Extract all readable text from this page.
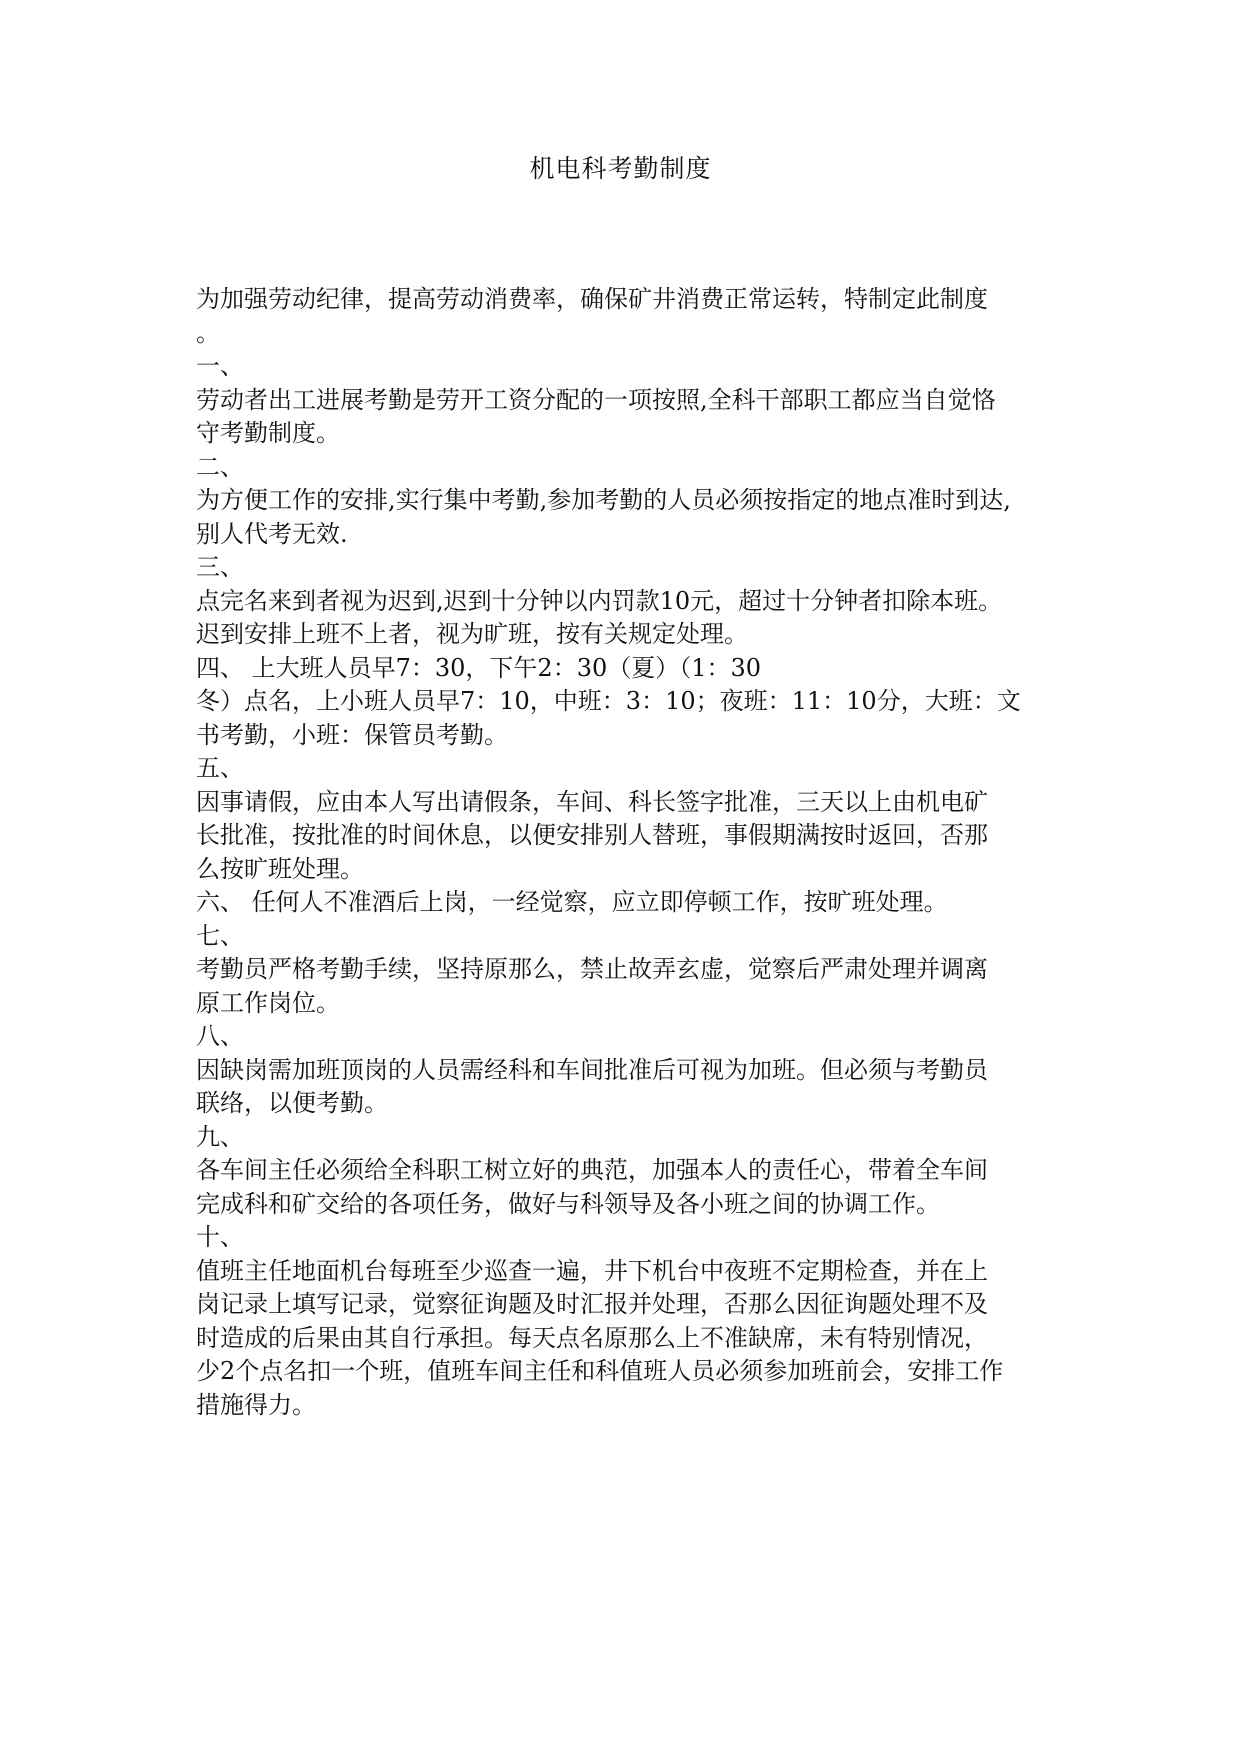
机电科考勤制度
为加强劳动纪律，提高劳动消费率，确保矿井消费正常运转，特制定此制度
。
一、
劳动者出工进展考勤是劳开工资分配的一项按照,全科干部职工都应当自觉恪
守考勤制度。
二、
为方便工作的安排,实行集中考勤,参加考勤的人员必须按指定的地点准时到达,
别人代考无效.
三、
点完名来到者视为迟到,迟到十分钟以内罚款10元，超过十分钟者扣除本班。
迟到安排上班不上者，视为旷班，按有关规定处理。
四、 上大班人员早7：30，下午2：30（夏）（1：30
冬）点名，上小班人员早7：10，中班：3：10；夜班：11：10分，大班：文
书考勤，小班：保管员考勤。
五、
因事请假，应由本人写出请假条，车间、科长签字批准，三天以上由机电矿
长批准，按批准的时间休息，以便安排别人替班，事假期满按时返回，否那
么按旷班处理。
六、 任何人不准酒后上岗，一经觉察，应立即停顿工作，按旷班处理。
七、
考勤员严格考勤手续，坚持原那么，禁止故弄玄虚，觉察后严肃处理并调离
原工作岗位。
八、
因缺岗需加班顶岗的人员需经科和车间批准后可视为加班。但必须与考勤员
联络，以便考勤。
九、
各车间主任必须给全科职工树立好的典范，加强本人的责任心，带着全车间
完成科和矿交给的各项任务，做好与科领导及各小班之间的协调工作。
十、
值班主任地面机台每班至少巡查一遍，井下机台中夜班不定期检查，并在上
岗记录上填写记录，觉察征询题及时汇报并处理，否那么因征询题处理不及
时造成的后果由其自行承担。每天点名原那么上不准缺席，未有特别情况，
少2个点名扣一个班，值班车间主任和科值班人员必须参加班前会，安排工作
措施得力。
